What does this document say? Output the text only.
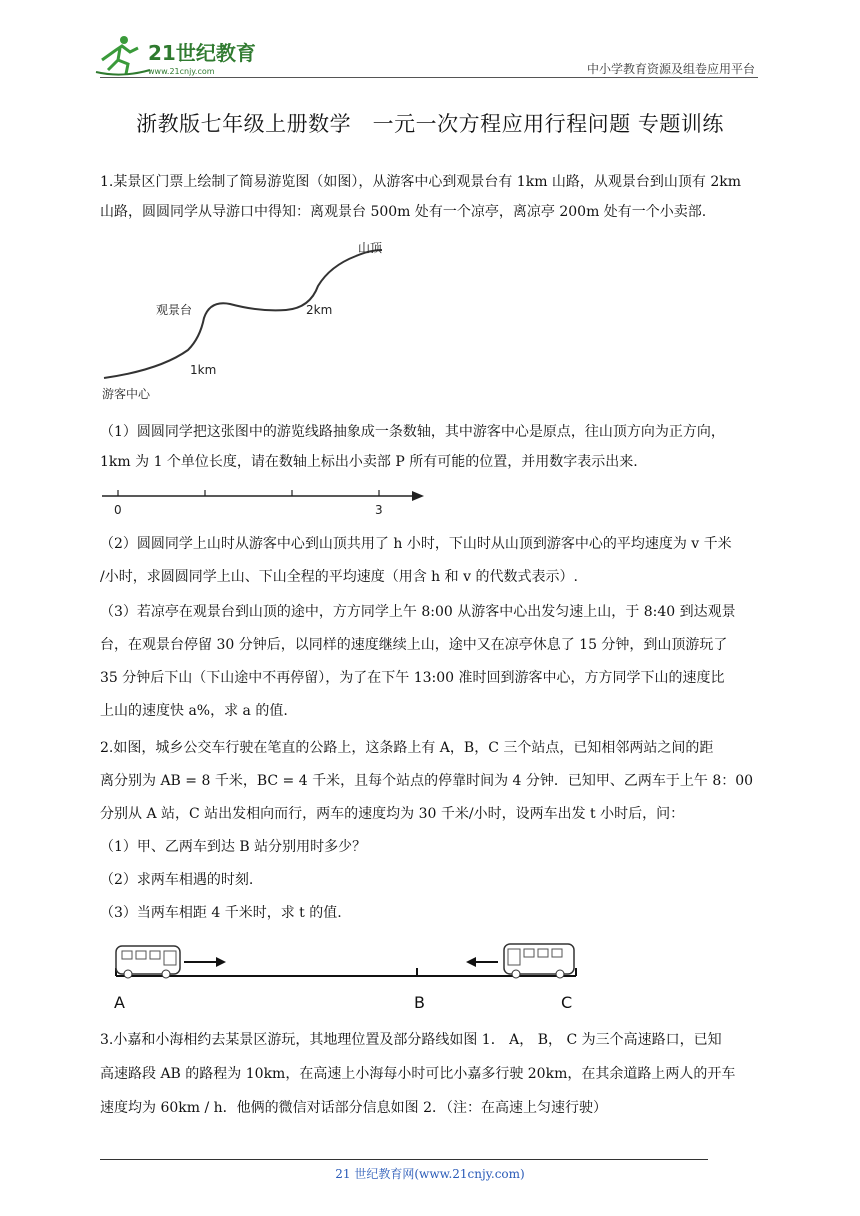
21世纪教育
www.21cnjy.com	中小学教育资源及组卷应用平台
浙教版七年级上册数学　一元一次方程应用行程问题 专题训练
1.某景区门票上绘制了简易游览图（如图），从游客中心到观景台有 1km 山路，从观景台到山顶有 2km
山路，圆圆同学从导游口中得知：离观景台 500m 处有一个凉亭，离凉亭 200m 处有一个小卖部.
山顶
观景台
游客中心
1km
2km
（1）圆圆同学把这张图中的游览线路抽象成一条数轴，其中游客中心是原点，往山顶方向为正方向，
1km 为 1 个单位长度，请在数轴上标出小卖部 P 所有可能的位置，并用数字表示出来.
0	3
（2）圆圆同学上山时从游客中心到山顶共用了 h 小时，下山时从山顶到游客中心的平均速度为 v 千米
/小时，求圆圆同学上山、下山全程的平均速度（用含 h 和 v 的代数式表示）.
（3）若凉亭在观景台到山顶的途中，方方同学上午 8:00 从游客中心出发匀速上山，于 8:40 到达观景
台，在观景台停留 30 分钟后，以同样的速度继续上山，途中又在凉亭休息了 15 分钟，到山顶游玩了
35 分钟后下山（下山途中不再停留），为了在下午 13:00 准时回到游客中心，方方同学下山的速度比
上山的速度快 a%，求 a 的值.
2.如图，城乡公交车行驶在笔直的公路上，这条路上有 A，B，C 三个站点，已知相邻两站之间的距
离分别为 AB = 8 千米，BC = 4 千米，且每个站点的停靠时间为 4 分钟．已知甲、乙两车于上午 8：00
分别从 A 站，C 站出发相向而行，两车的速度均为 30 千米/小时，设两车出发 t 小时后，问：
（1）甲、乙两车到达 B 站分别用时多少？
（2）求两车相遇的时刻.
（3）当两车相距 4 千米时，求 t 的值.
A	B	C
3.小嘉和小海相约去某景区游玩，其地理位置及部分路线如图 1． A， B， C 为三个高速路口，已知
高速路段 AB 的路程为 10km，在高速上小海每小时可比小嘉多行驶 20km，在其余道路上两人的开车
速度均为 60km / h．他俩的微信对话部分信息如图 2．（注：在高速上匀速行驶）
21 世纪教育网(www.21cnjy.com)
